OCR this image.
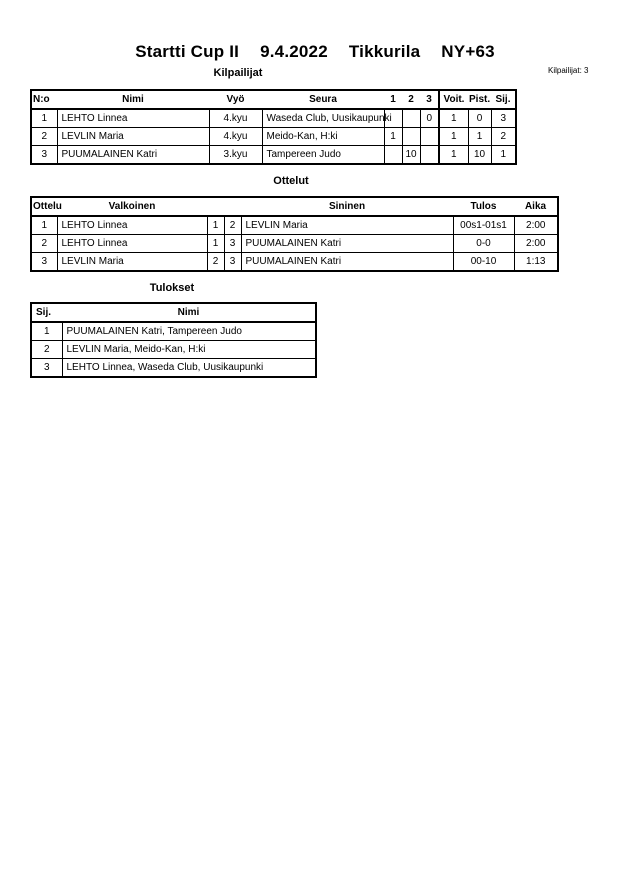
Startti Cup II 9.4.2022 Tikkurila NY+63
Kilpailijat	Kilpailijat: 3
N:o	Nimi	Vyö	Seura	1	2	3	Voit.	Pist.	Sij.
1	LEHTO Linnea	4.kyu	Waseda Club, Uusikaupunki			0	1	0	3
2	LEVLIN Maria	4.kyu	Meido-Kan, H:ki	1			1	1	2
3	PUUMALAINEN Katri	3.kyu	Tampereen Judo		10		1	10	1
Ottelut
Ottelu	Valkoinen			Sininen	Tulos	Aika
1	LEHTO Linnea	1	2	LEVLIN Maria	00s1-01s1	2:00
2	LEHTO Linnea	1	3	PUUMALAINEN Katri	0-0	2:00
3	LEVLIN Maria	2	3	PUUMALAINEN Katri	00-10	1:13
Tulokset
Sij.	Nimi
1	PUUMALAINEN Katri, Tampereen Judo
2	LEVLIN Maria, Meido-Kan, H:ki
3	LEHTO Linnea, Waseda Club, Uusikaupunki
